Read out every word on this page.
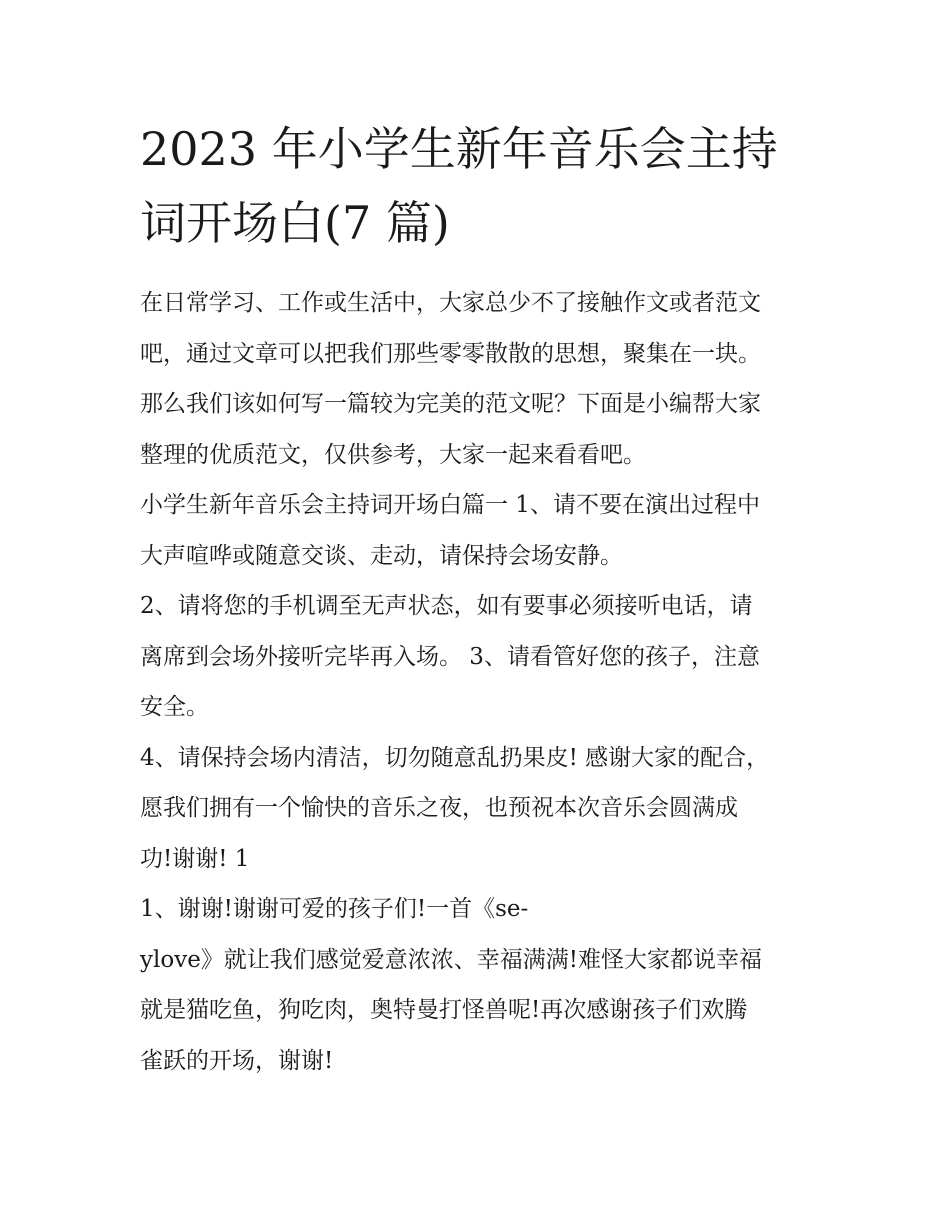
2023 年小学生新年音乐会主持
词开场白(7 篇)

在日常学习、工作或生活中，大家总少不了接触作文或者范文
吧，通过文章可以把我们那些零零散散的思想，聚集在一块。
那么我们该如何写一篇较为完美的范文呢？下面是小编帮大家
整理的优质范文，仅供参考，大家一起来看看吧。

小学生新年音乐会主持词开场白篇一 1、请不要在演出过程中
大声喧哗或随意交谈、走动，请保持会场安静。

2、请将您的手机调至无声状态，如有要事必须接听电话，请
离席到会场外接听完毕再入场。 3、请看管好您的孩子，注意
安全。

4、请保持会场内清洁，切勿随意乱扔果皮! 感谢大家的配合，
愿我们拥有一个愉快的音乐之夜，也预祝本次音乐会圆满成
功!谢谢! 1

1、谢谢!谢谢可爱的孩子们!一首《se-
ylove》就让我们感觉爱意浓浓、幸福满满!难怪大家都说幸福
就是猫吃鱼，狗吃肉，奥特曼打怪兽呢!再次感谢孩子们欢腾
雀跃的开场，谢谢!
